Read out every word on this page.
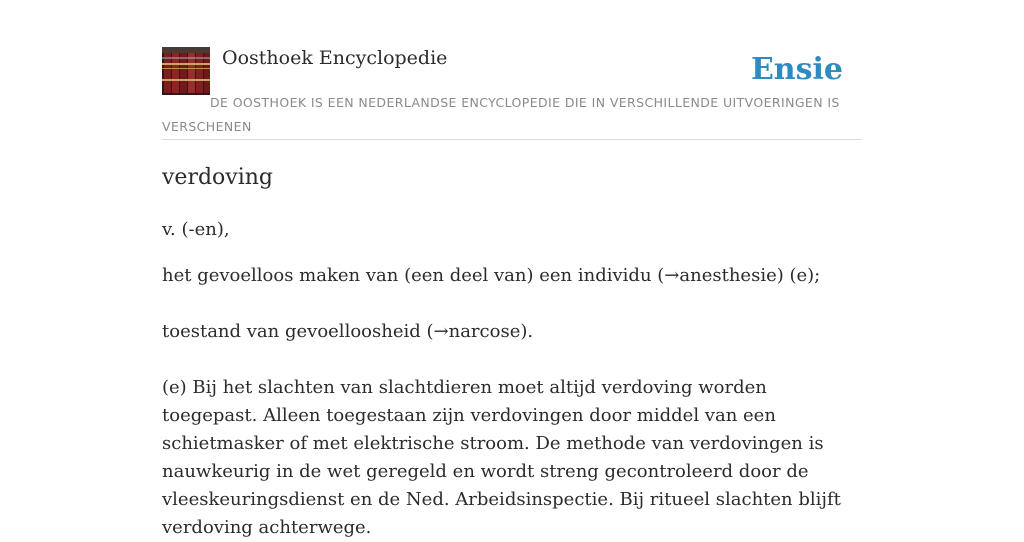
Oosthoek Encyclopedie	Ensie
DE OOSTHOEK IS EEN NEDERLANDSE ENCYCLOPEDIE DIE IN VERSCHILLENDE UITVOERINGEN IS VERSCHENEN
verdoving

v. (-en),

het gevoelloos maken van (een deel van) een individu (→anesthesie) (e);

toestand van gevoelloosheid (→narcose).

(e) Bij het slachten van slachtdieren moet altijd verdoving worden toegepast. Alleen toegestaan zijn verdovingen door middel van een schietmasker of met elektrische stroom. De methode van verdovingen is nauwkeurig in de wet geregeld en wordt streng gecontroleerd door de vleeskeuringsdienst en de Ned. Arbeidsinspectie. Bij ritueel slachten blijft verdoving achterwege.
